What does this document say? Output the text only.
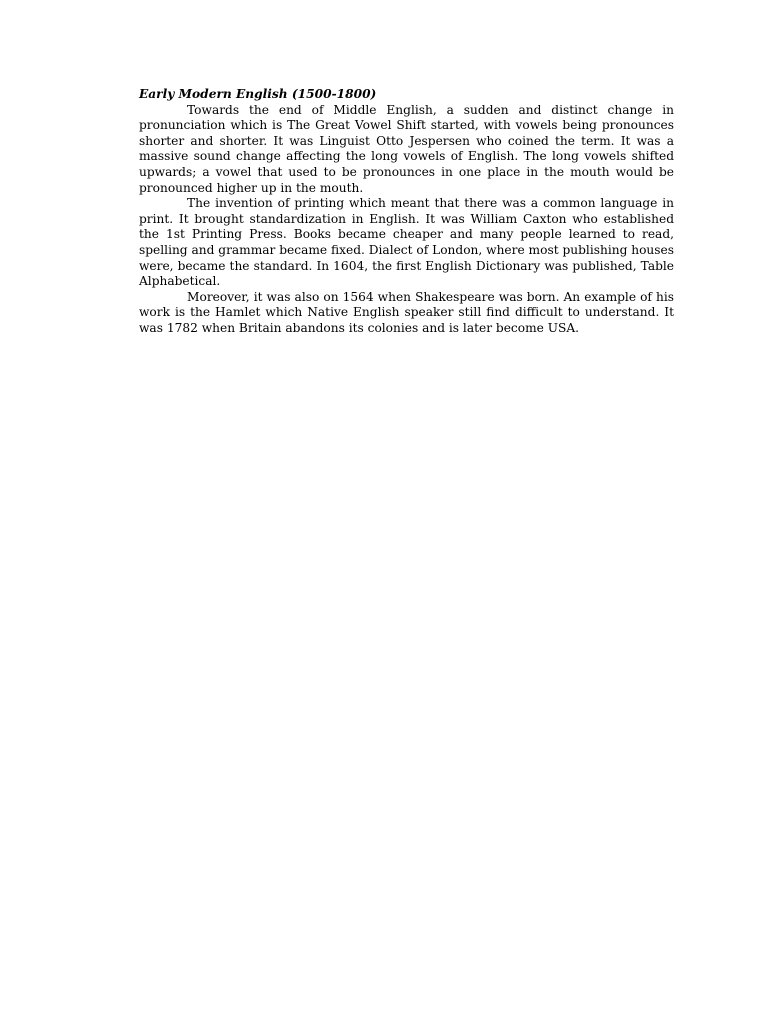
Early Modern English (1500-1800)

Towards the end of Middle English, a sudden and distinct change in pronunciation which is The Great Vowel Shift started, with vowels being pronounces shorter and shorter. It was Linguist Otto Jespersen who coined the term. It was a massive sound change affecting the long vowels of English. The long vowels shifted upwards; a vowel that used to be pronounces in one place in the mouth would be pronounced higher up in the mouth.

The invention of printing which meant that there was a common language in print. It brought standardization in English. It was William Caxton who established the 1st Printing Press. Books became cheaper and many people learned to read, spelling and grammar became fixed. Dialect of London, where most publishing houses were, became the standard. In 1604, the first English Dictionary was published, Table Alphabetical.

Moreover, it was also on 1564 when Shakespeare was born. An example of his work is the Hamlet which Native English speaker still find difficult to understand. It was 1782 when Britain abandons its colonies and is later become USA.
